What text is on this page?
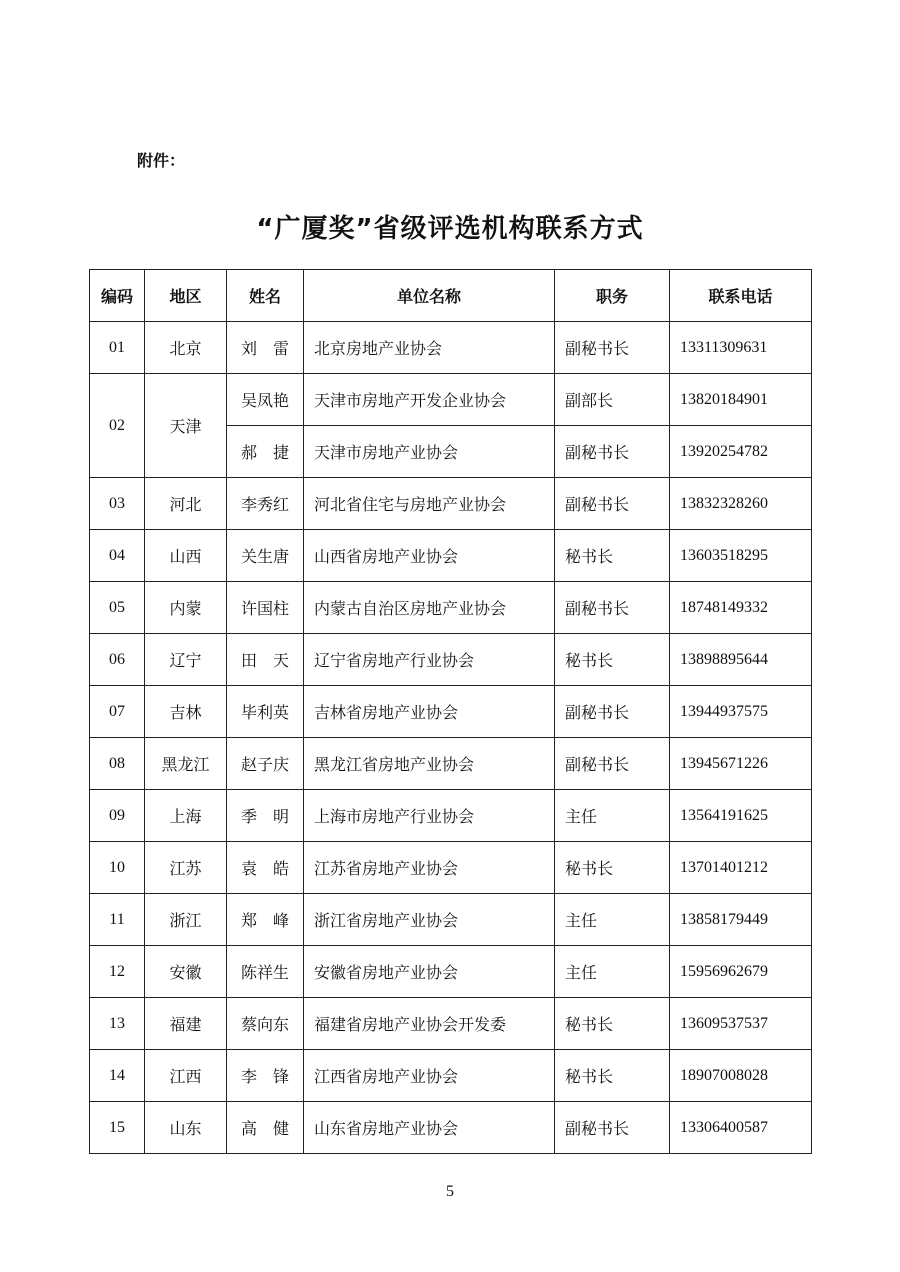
附件：
“广厦奖”省级评选机构联系方式
编码	地区	姓名	单位名称	职务	联系电话
01	北京	刘　雷	北京房地产业协会	副秘书长	13311309631
02	天津	吴凤艳	天津市房地产开发企业协会	副部长	13820184901
		郝　捷	天津市房地产业协会	副秘书长	13920254782
03	河北	李秀红	河北省住宅与房地产业协会	副秘书长	13832328260
04	山西	关生唐	山西省房地产业协会	秘书长	13603518295
05	内蒙	许国柱	内蒙古自治区房地产业协会	副秘书长	18748149332
06	辽宁	田　天	辽宁省房地产行业协会	秘书长	13898895644
07	吉林	毕利英	吉林省房地产业协会	副秘书长	13944937575
08	黑龙江	赵子庆	黑龙江省房地产业协会	副秘书长	13945671226
09	上海	季　明	上海市房地产行业协会	主任	13564191625
10	江苏	袁　皓	江苏省房地产业协会	秘书长	13701401212
11	浙江	郑　峰	浙江省房地产业协会	主任	13858179449
12	安徽	陈祥生	安徽省房地产业协会	主任	15956962679
13	福建	蔡向东	福建省房地产业协会开发委	秘书长	13609537537
14	江西	李　锋	江西省房地产业协会	秘书长	18907008028
15	山东	高　健	山东省房地产业协会	副秘书长	13306400587
5
